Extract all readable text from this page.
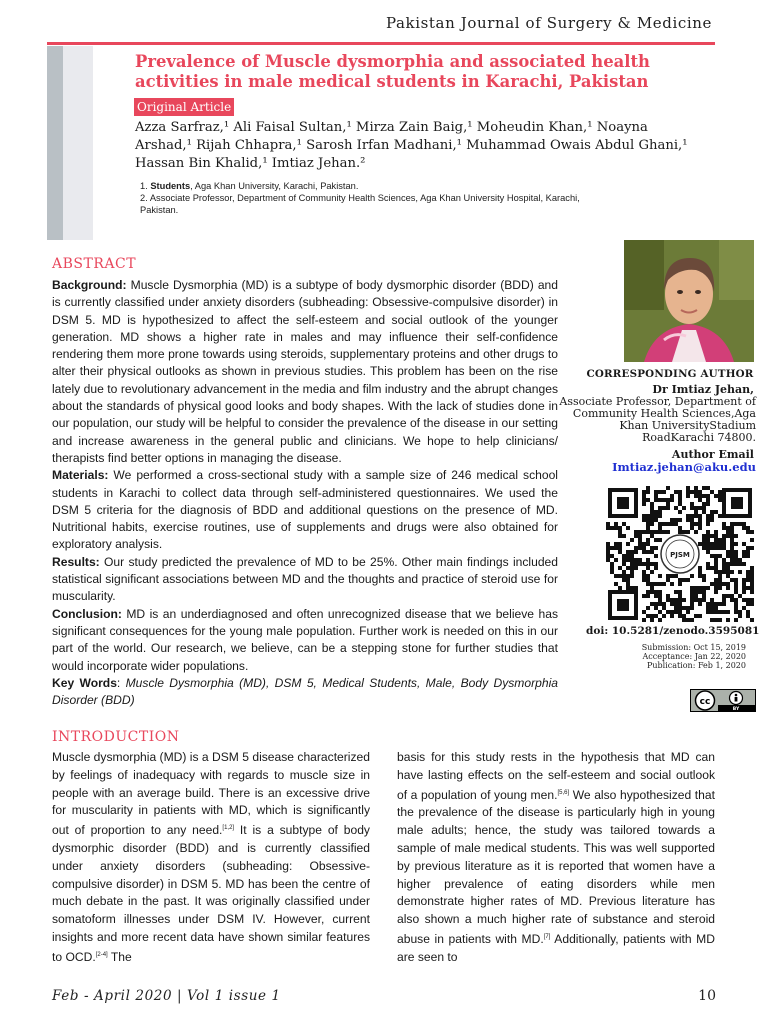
Pakistan Journal of Surgery & Medicine
Prevalence of Muscle dysmorphia and associated health activities in male medical students in Karachi, Pakistan
Original Article
Azza Sarfraz,¹ Ali Faisal Sultan,¹ Mirza Zain Baig,¹ Moheudin Khan,¹ Noayna Arshad,¹ Rijah Chhapra,¹ Sarosh Irfan Madhani,¹ Muhammad Owais Abdul Ghani,¹ Hassan Bin Khalid,¹ Imtiaz Jehan.²
1. Students, Aga Khan University, Karachi, Pakistan.
2. Associate Professor, Department of Community Health Sciences, Aga Khan University Hospital, Karachi, Pakistan.
ABSTRACT

Background: Muscle Dysmorphia (MD) is a subtype of body dysmorphic disorder (BDD) and is currently classified under anxiety disorders (subheading: Obsessive-compulsive disorder) in DSM 5. MD is hypothesized to affect the self-esteem and social outlook of the younger generation. MD shows a higher rate in males and may influence their self-confidence rendering them more prone towards using steroids, supplementary proteins and other drugs to alter their physical outlooks as shown in previous studies. This problem has been on the rise lately due to revolutionary advancement in the media and film industry and the abrupt changes about the standards of physical good looks and body shapes. With the lack of studies done in our population, our study will be helpful to consider the prevalence of the disease in our setting and increase awareness in the general public and clinicians. We hope to help clinicians/ therapists find better options in managing the disease.

Materials: We performed a cross-sectional study with a sample size of 246 medical school students in Karachi to collect data through self-administered questionnaires. We used the DSM 5 criteria for the diagnosis of BDD and additional questions on the presence of MD. Nutritional habits, exercise routines, use of supplements and drugs were also obtained for exploratory analysis.

Results: Our study predicted the prevalence of MD to be 25%. Other main findings included statistical significant associations between MD and the thoughts and practice of steroid use for muscularity.

Conclusion: MD is an underdiagnosed and often unrecognized disease that we believe has significant consequences for the young male population. Further work is needed on this in our part of the world. Our research, we believe, can be a stepping stone for further studies that would incorporate wider populations.

Key Words: Muscle Dysmorphia (MD), DSM 5, Medical Students, Male, Body Dysmorphia Disorder (BDD)

INTRODUCTION
Muscle dysmorphia (MD) is a DSM 5 disease characterized by feelings of inadequacy with regards to muscle size in people with an average build. There is an excessive drive for muscularity in patients with MD, which is significantly out of proportion to any need.[1,2] It is a subtype of body dysmorphic disorder (BDD) and is currently classified under anxiety disorders (subheading: Obsessive-compulsive disorder) in DSM 5. MD has been the centre of much debate in the past. It was originally classified under somatoform illnesses under DSM IV. However, current insights and more recent data have shown similar features to OCD.[2-4] The
basis for this study rests in the hypothesis that MD can have lasting effects on the self-esteem and social outlook of a population of young men.[5,6] We also hypothesized that the prevalence of the disease is particularly high in young male adults; hence, the study was tailored towards a sample of male medical students. This was well supported by previous literature as it is reported that women have a higher prevalence of eating disorders while men demonstrate higher rates of MD. Previous literature has also shown a much higher rate of substance and steroid abuse in patients with MD.[7] Additionally, patients with MD are seen to
CORRESPONDING AUTHOR
Dr Imtiaz Jehan,
Associate Professor, Department of Community Health Sciences,Aga Khan UniversityStadium RoadKarachi 74800.
Author Email
Imtiaz.jehan@aku.edu
PJSM
doi: 10.5281/zenodo.3595081
Submission: Oct 15, 2019
Acceptance: Jan 22, 2020
Publication: Feb 1, 2020
cc
BY
Feb - April 2020 | Vol 1 issue 1	10
